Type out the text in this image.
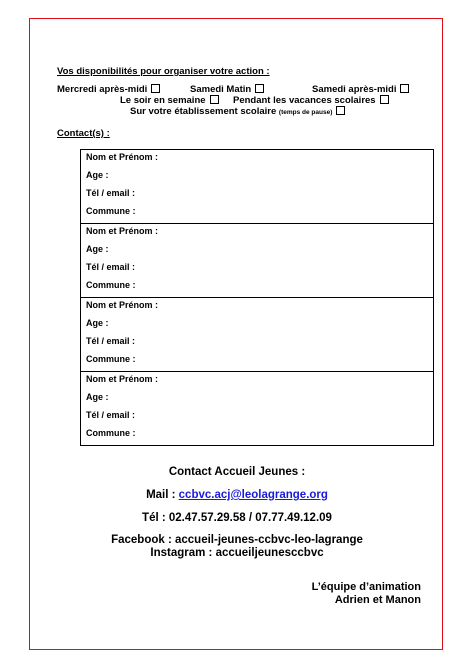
Vos disponibilités pour organiser votre action :
Mercredi après-midi	Samedi Matin	Samedi après-midi
Le soir en semaine	Pendant les vacances scolaires
Sur votre établissement scolaire (temps de pause)
Contact(s) :
Nom et Prénom :
Age :
Tél / email :
Commune :
Nom et Prénom :
Age :
Tél / email :
Commune :
Nom et Prénom :
Age :
Tél / email :
Commune :
Nom et Prénom :
Age :
Tél / email :
Commune :
Contact Accueil Jeunes :
Mail : ccbvc.acj@leolagrange.org
Tél : 02.47.57.29.58 / 07.77.49.12.09
Facebook : accueil-jeunes-ccbvc-leo-lagrange
Instagram : accueiljeunesccbvc
L’équipe d’animation
Adrien et Manon
